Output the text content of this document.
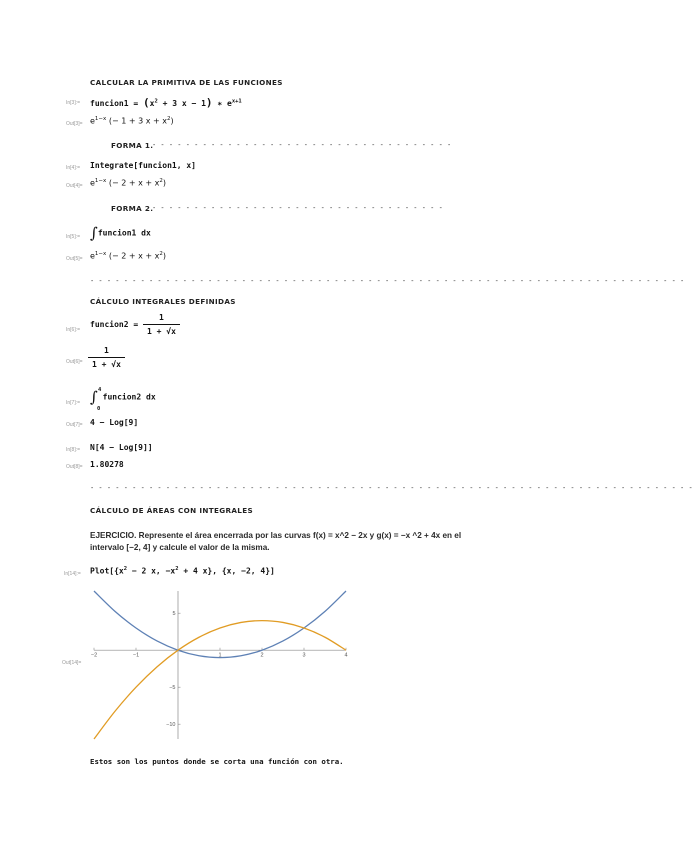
CALCULAR LA PRIMITIVA DE LAS FUNCIONES
In[3]:= funcion1 = ($x^2 + 3$ x − 1) ∗ $e^{x+1}$
$Out[3]= e^{1-x}$ (− 1 + 3 $x + x^2$)
FORMA 1.
- - - - - - - - - - - - - - - - - - - - - - - - - - - - - - - - - - - -
In[4]:= Integrate[funcion1, x]
$Out[4]= e^{1-x}$ (− $2 + x + x^2$)
FORMA 2.
- - - - - - - - - - - - - - - - - - - - - - - - - - - - - - - - - - -
In[5]:= ∫funcion1 dx
$Out[5]= e^{1-x}$ (− $2 + x + x^2$)
- - - - - - - - - - - - - - - - - - - - - - - - - - - - - - - - - - - - - - - - - - - - - - - - - - - - - - - - - - - - - - - - - - - - - - -
CÁLCULO INTEGRALES DEFINIDAS
In[6]:=
funcion2 = $\frac{1}{1 + √x}$
$Out[6]= \frac{1}{1 + √x}$
In[7]:= ∫ 4
0
funcion2 dx
Out[7]= 4 − Log[9]
In[8]:= N[4 − Log[9]]
Out[8]= 1.80278
- - - - - - - - - - - - - - - - - - - - - - - - - - - - - - - - - - - - - - - - - - - - - - - - - - - - - - - - - - - - - - - - - - - - - - - -
CÁLCULO DE ÁREAS CON INTEGRALES
EJERCICIO. Represente el área encerrada por las curvas f(x) = x^2 − 2x y g(x) = −x ^2 + 4x en el intervalo [−2, 4] y calcule el valor de la misma.
In[14]:= $Plot[\{x^2 - 2$ x, $-x^2 + 4$ x}, {x, −2, 4}]
Out[14]=
−2	−1	1	2	3	4
5
−5
−10
Estos son los puntos donde se corta una función con otra.
